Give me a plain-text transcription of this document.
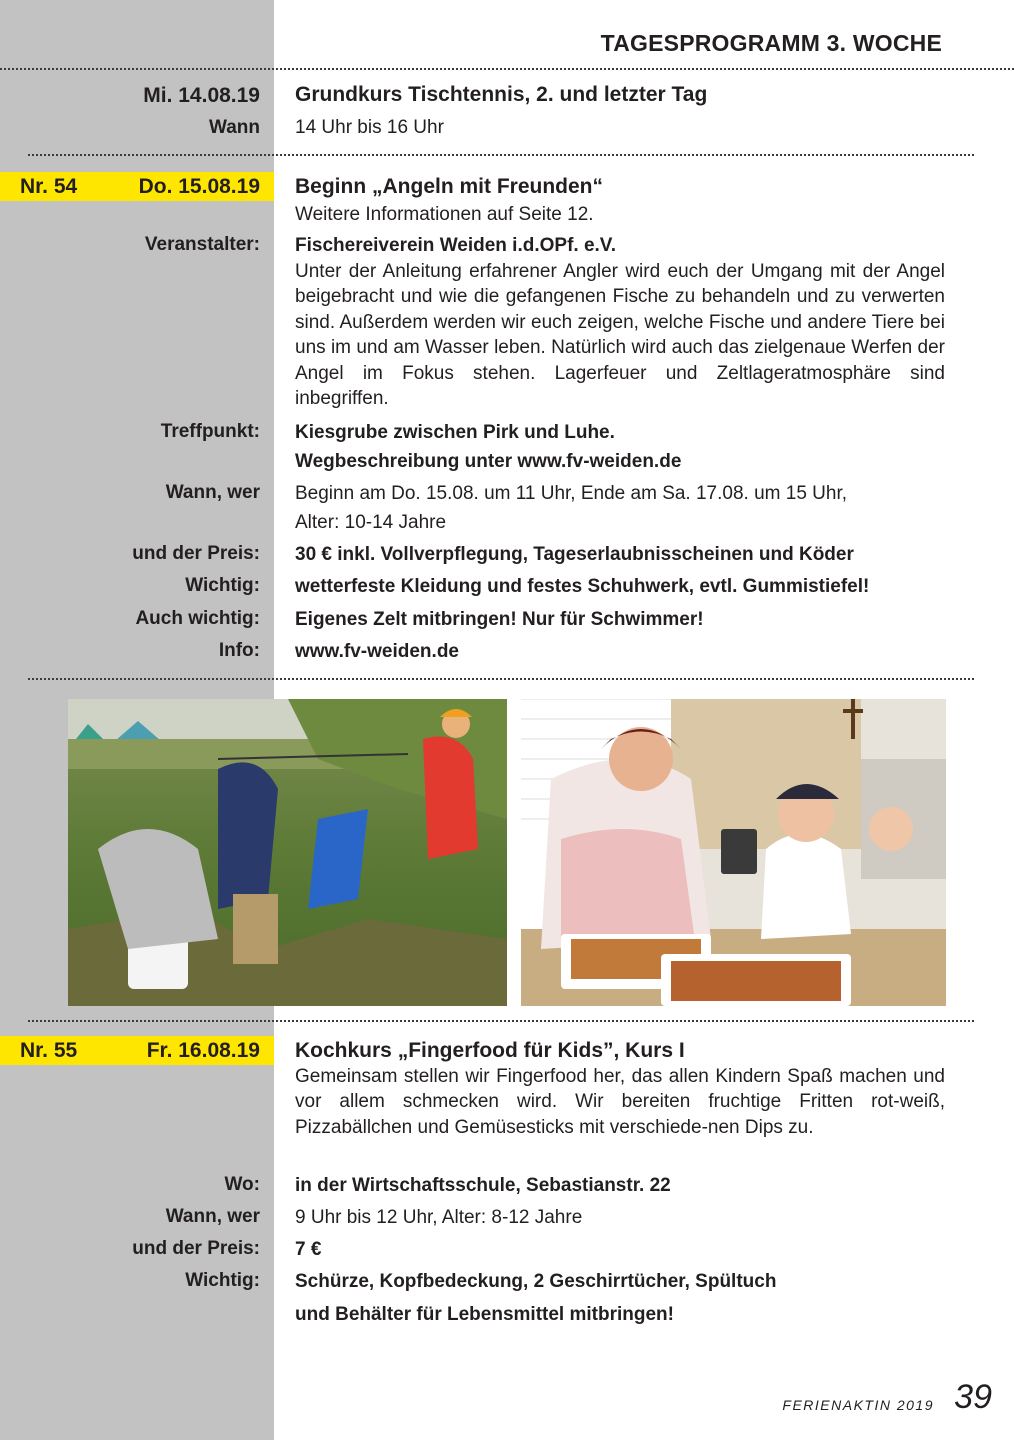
TAGESPROGRAMM 3. WOCHE
Mi. 14.08.19 Grundkurs Tischtennis, 2. und letzter Tag
Wann 14 Uhr bis 16 Uhr
Nr. 54	Do. 15.08.19 Beginn „Angeln mit Freunden“
Weitere Informationen auf Seite 12.
Veranstalter: Fischereiverein Weiden i.d.OPf. e.V.
Unter der Anleitung erfahrener Angler wird euch der Umgang mit der Angel beigebracht und wie die gefangenen Fische zu behandeln und zu verwerten sind. Außerdem werden wir euch zeigen, welche Fische und andere Tiere bei uns im und am Wasser leben. Natürlich wird auch das zielgenaue Werfen der Angel im Fokus stehen. Lagerfeuer und Zeltlageratmosphäre sind inbegriffen.
Treffpunkt: Kiesgrube zwischen Pirk und Luhe.
Wegbeschreibung unter www.fv-weiden.de
Wann, wer Beginn am Do. 15.08. um 11 Uhr, Ende am Sa. 17.08. um 15 Uhr,
Alter: 10-14 Jahre
und der Preis: 30 € inkl. Vollverpflegung, Tageserlaubnisscheinen und Köder
Wichtig: wetterfeste Kleidung und festes Schuhwerk, evtl. Gummistiefel!
Auch wichtig: Eigenes Zelt mitbringen! Nur für Schwimmer!
Info: www.fv-weiden.de
Nr. 55	Fr. 16.08.19 Kochkurs „Fingerfood für Kids”, Kurs I
Gemeinsam stellen wir Fingerfood her, das allen Kindern Spaß machen und vor allem schmecken wird. Wir bereiten fruchtige Fritten rot-weiß, Pizzabällchen und Gemüsesticks mit verschiede-nen Dips zu.
Wo: in der Wirtschaftsschule, Sebastianstr. 22
Wann, wer 9 Uhr bis 12 Uhr, Alter: 8-12 Jahre
und der Preis: 7 €
Wichtig: Schürze, Kopfbedeckung, 2 Geschirrtücher, Spültuch
und Behälter für Lebensmittel mitbringen!
FERIENAKTIN 2019 39
